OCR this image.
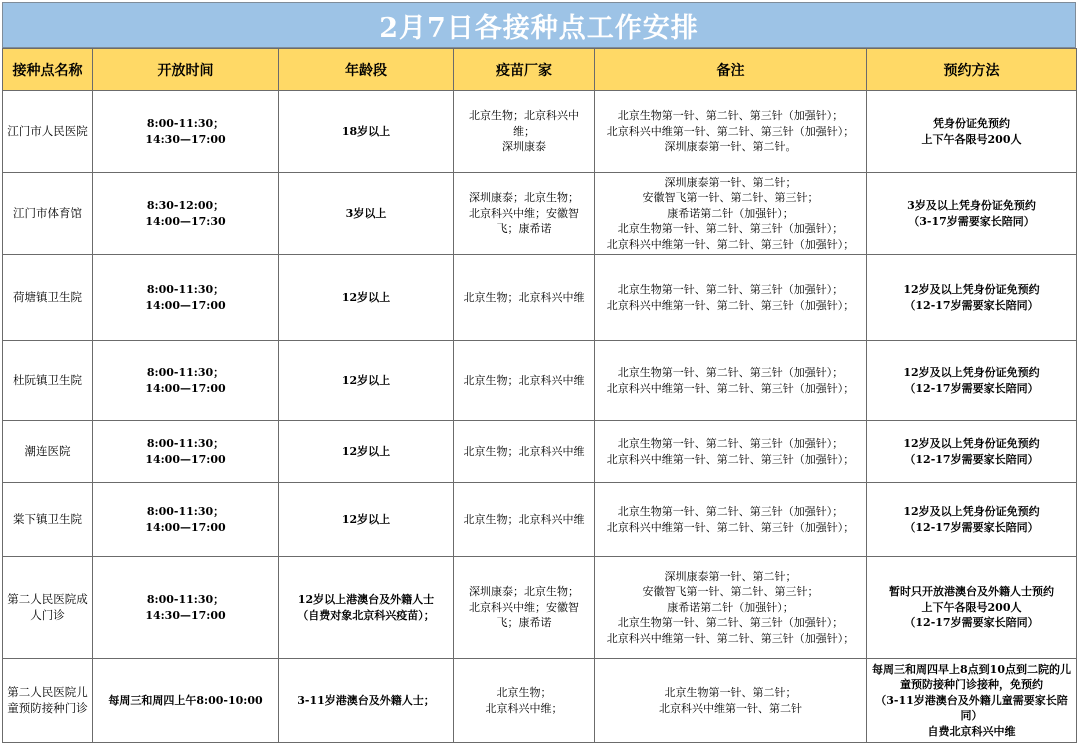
2月7日各接种点工作安排
接种点名称	开放时间	年龄段	疫苗厂家	备注	预约方法
江门市人民医院	8:00-11:30；
14:30—17:00	18岁以上	北京生物；北京科兴中
维；
深圳康泰	北京生物第一针、第二针、第三针（加强针）；
北京科兴中维第一针、第二针、第三针（加强针）；
深圳康泰第一针、第二针。	凭身份证免预约
上下午各限号200人
江门市体育馆	8:30-12:00；
14:00—17:30	3岁以上	深圳康泰；北京生物；
北京科兴中维；安徽智
飞；康希诺	深圳康泰第一针、第二针；
安徽智飞第一针、第二针、第三针；
康希诺第二针（加强针）；
北京生物第一针、第二针、第三针（加强针）；
北京科兴中维第一针、第二针、第三针（加强针）；	3岁及以上凭身份证免预约
（3-17岁需要家长陪同）
荷塘镇卫生院	8:00-11:30；
14:00—17:00	12岁以上	北京生物；北京科兴中维	北京生物第一针、第二针、第三针（加强针）；
北京科兴中维第一针、第二针、第三针（加强针）；	12岁及以上凭身份证免预约
（12-17岁需要家长陪同）
杜阮镇卫生院	8:00-11:30；
14:00—17:00	12岁以上	北京生物；北京科兴中维	北京生物第一针、第二针、第三针（加强针）；
北京科兴中维第一针、第二针、第三针（加强针）；	12岁及以上凭身份证免预约
（12-17岁需要家长陪同）
潮连医院	8:00-11:30；
14:00—17:00	12岁以上	北京生物；北京科兴中维	北京生物第一针、第二针、第三针（加强针）；
北京科兴中维第一针、第二针、第三针（加强针）；	12岁及以上凭身份证免预约
（12-17岁需要家长陪同）
棠下镇卫生院	8:00-11:30；
14:00—17:00	12岁以上	北京生物；北京科兴中维	北京生物第一针、第二针、第三针（加强针）；
北京科兴中维第一针、第二针、第三针（加强针）；	12岁及以上凭身份证免预约
（12-17岁需要家长陪同）
第二人民医院成
人门诊	8:00-11:30；
14:30—17:00	12岁以上港澳台及外籍人士
（自费对象北京科兴疫苗）；	深圳康泰；北京生物；
北京科兴中维；安徽智
飞；康希诺	深圳康泰第一针、第二针；
安徽智飞第一针、第二针、第三针；
康希诺第二针（加强针）；
北京生物第一针、第二针、第三针（加强针）；
北京科兴中维第一针、第二针、第三针（加强针）；	暂时只开放港澳台及外籍人士预约
上下午各限号200人
（12-17岁需要家长陪同）
第二人民医院儿
童预防接种门诊	每周三和周四上午8:00-10:00	3-11岁港澳台及外籍人士；	北京生物；
北京科兴中维；	北京生物第一针、第二针；
北京科兴中维第一针、第二针	每周三和周四早上8点到10点到二院的儿
童预防接种门诊接种，免预约
（3-11岁港澳台及外籍儿童需要家长陪
同）
自费北京科兴中维
